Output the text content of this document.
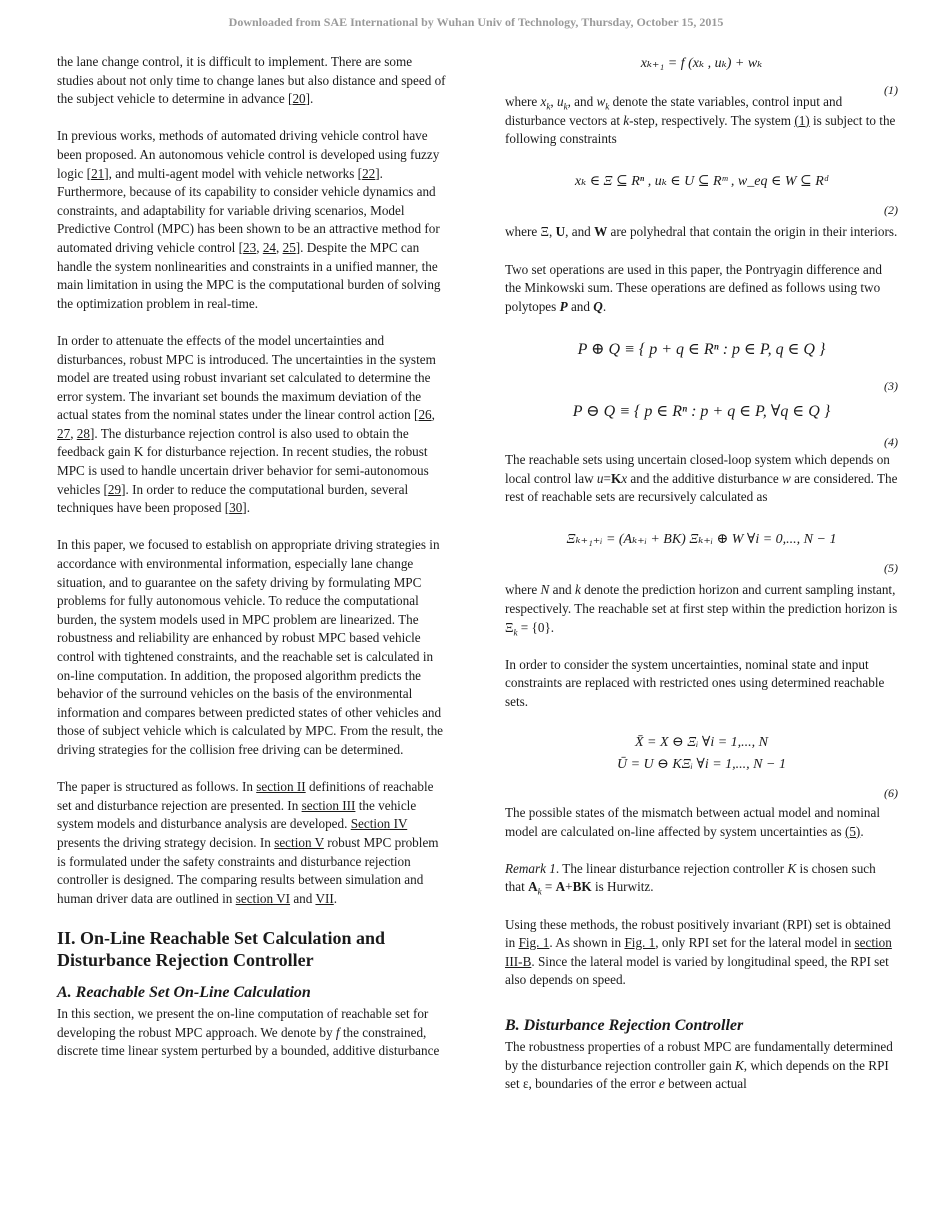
Downloaded from SAE International by Wuhan Univ of Technology, Thursday, October 15, 2015

the lane change control, it is difficult to implement. There are some studies about not only time to change lanes but also distance and speed of the subject vehicle to determine in advance [20].

In previous works, methods of automated driving vehicle control have been proposed. An autonomous vehicle control is developed using fuzzy logic [21], and multi-agent model with vehicle networks [22]. Furthermore, because of its capability to consider vehicle dynamics and constraints, and adaptability for variable driving scenarios, Model Predictive Control (MPC) has been shown to be an attractive method for automated driving vehicle control [23, 24, 25]. Despite the MPC can handle the system nonlinearities and constraints in a unified manner, the main limitation in using the MPC is the computational burden of solving the optimization problem in real-time.

In order to attenuate the effects of the model uncertainties and disturbances, robust MPC is introduced. The uncertainties in the system model are treated using robust invariant set calculated to determine the error system. The invariant set bounds the maximum deviation of the actual states from the nominal states under the linear control action [26, 27, 28]. The disturbance rejection control is also used to obtain the feedback gain K for disturbance rejection. In recent studies, the robust MPC is used to handle uncertain driver behavior for semi-autonomous vehicles [29]. In order to reduce the computational burden, several techniques have been proposed [30].

In this paper, we focused to establish on appropriate driving strategies in accordance with environmental information, especially lane change situation, and to guarantee on the safety driving by formulating MPC problems for fully autonomous vehicle. To reduce the computational burden, the system models used in MPC problem are linearized. The robustness and reliability are enhanced by robust MPC based vehicle control with tightened constraints, and the reachable set is calculated in on-line computation. In addition, the proposed algorithm predicts the behavior of the surround vehicles on the basis of the environmental information and compares between predicted states of other vehicles and those of subject vehicle which is calculated by MPC. From the result, the driving strategies for the collision free driving can be determined.

The paper is structured as follows. In section II definitions of reachable set and disturbance rejection are presented. In section III the vehicle system models and disturbance analysis are developed. Section IV presents the driving strategy decision. In section V robust MPC problem is formulated under the safety constraints and disturbance rejection controller is designed. The comparing results between simulation and human driver data are outlined in section VI and VII.

II. On-Line Reachable Set Calculation and Disturbance Rejection Controller
A. Reachable Set On-Line Calculation

In this section, we present the on-line computation of reachable set for developing the robust MPC approach. We denote by f the constrained, discrete time linear system perturbed by a bounded, additive disturbance

xₖ₊₁ = f (xₖ , uₖ) + wₖ
(1)

where $x_k$, $u_k$, and $w_k$ denote the state variables, control input and disturbance vectors at k-step, respectively. The system (1) is subject to the following constraints

xₖ ∈ Ξ ⊆ Rⁿ , uₖ ∈ U ⊆ Rᵐ , w_eq ∈ W ⊆ Rᵈ
(2)

where Ξ, U, and W are polyhedral that contain the origin in their interiors.

Two set operations are used in this paper, the Pontryagin difference and the Minkowski sum. These operations are defined as follows using two polytopes P and Q.

P ⊕ Q ≡ { p + q ∈ Rⁿ : p ∈ P, q ∈ Q }
(3)
P ⊖ Q ≡ { p ∈ Rⁿ : p + q ∈ P, ∀q ∈ Q }
(4)

The reachable sets using uncertain closed-loop system which depends on local control law u=Kx and the additive disturbance w are considered. The rest of reachable sets are recursively calculated as

Ξₖ₊₁₊ᵢ = (Aₖ₊ᵢ + BK) Ξₖ₊ᵢ ⊕ W ∀i = 0,..., N − 1
(5)

where N and k denote the prediction horizon and current sampling instant, respectively. The reachable set at first step within the prediction horizon is $\Xi_k = \{0\}$.

In order to consider the system uncertainties, nominal state and input constraints are replaced with restricted ones using determined reachable sets.

X̄ = X ⊖ Ξᵢ ∀i = 1,..., N
Ū = U ⊖ KΞᵢ ∀i = 1,..., N − 1
(6)

The possible states of the mismatch between actual model and nominal model are calculated on-line affected by system uncertainties as (5).

Remark 1. The linear disturbance rejection controller K is chosen such that $A_k = A+BK$ is Hurwitz.

Using these methods, the robust positively invariant (RPI) set is obtained in Fig. 1. As shown in Fig. 1, only RPI set for the lateral model in section III-B. Since the lateral model is varied by longitudinal speed, the RPI set also depends on speed.

B. Disturbance Rejection Controller

The robustness properties of a robust MPC are fundamentally determined by the disturbance rejection controller gain K, which depends on the RPI set ε, boundaries of the error e between actual
